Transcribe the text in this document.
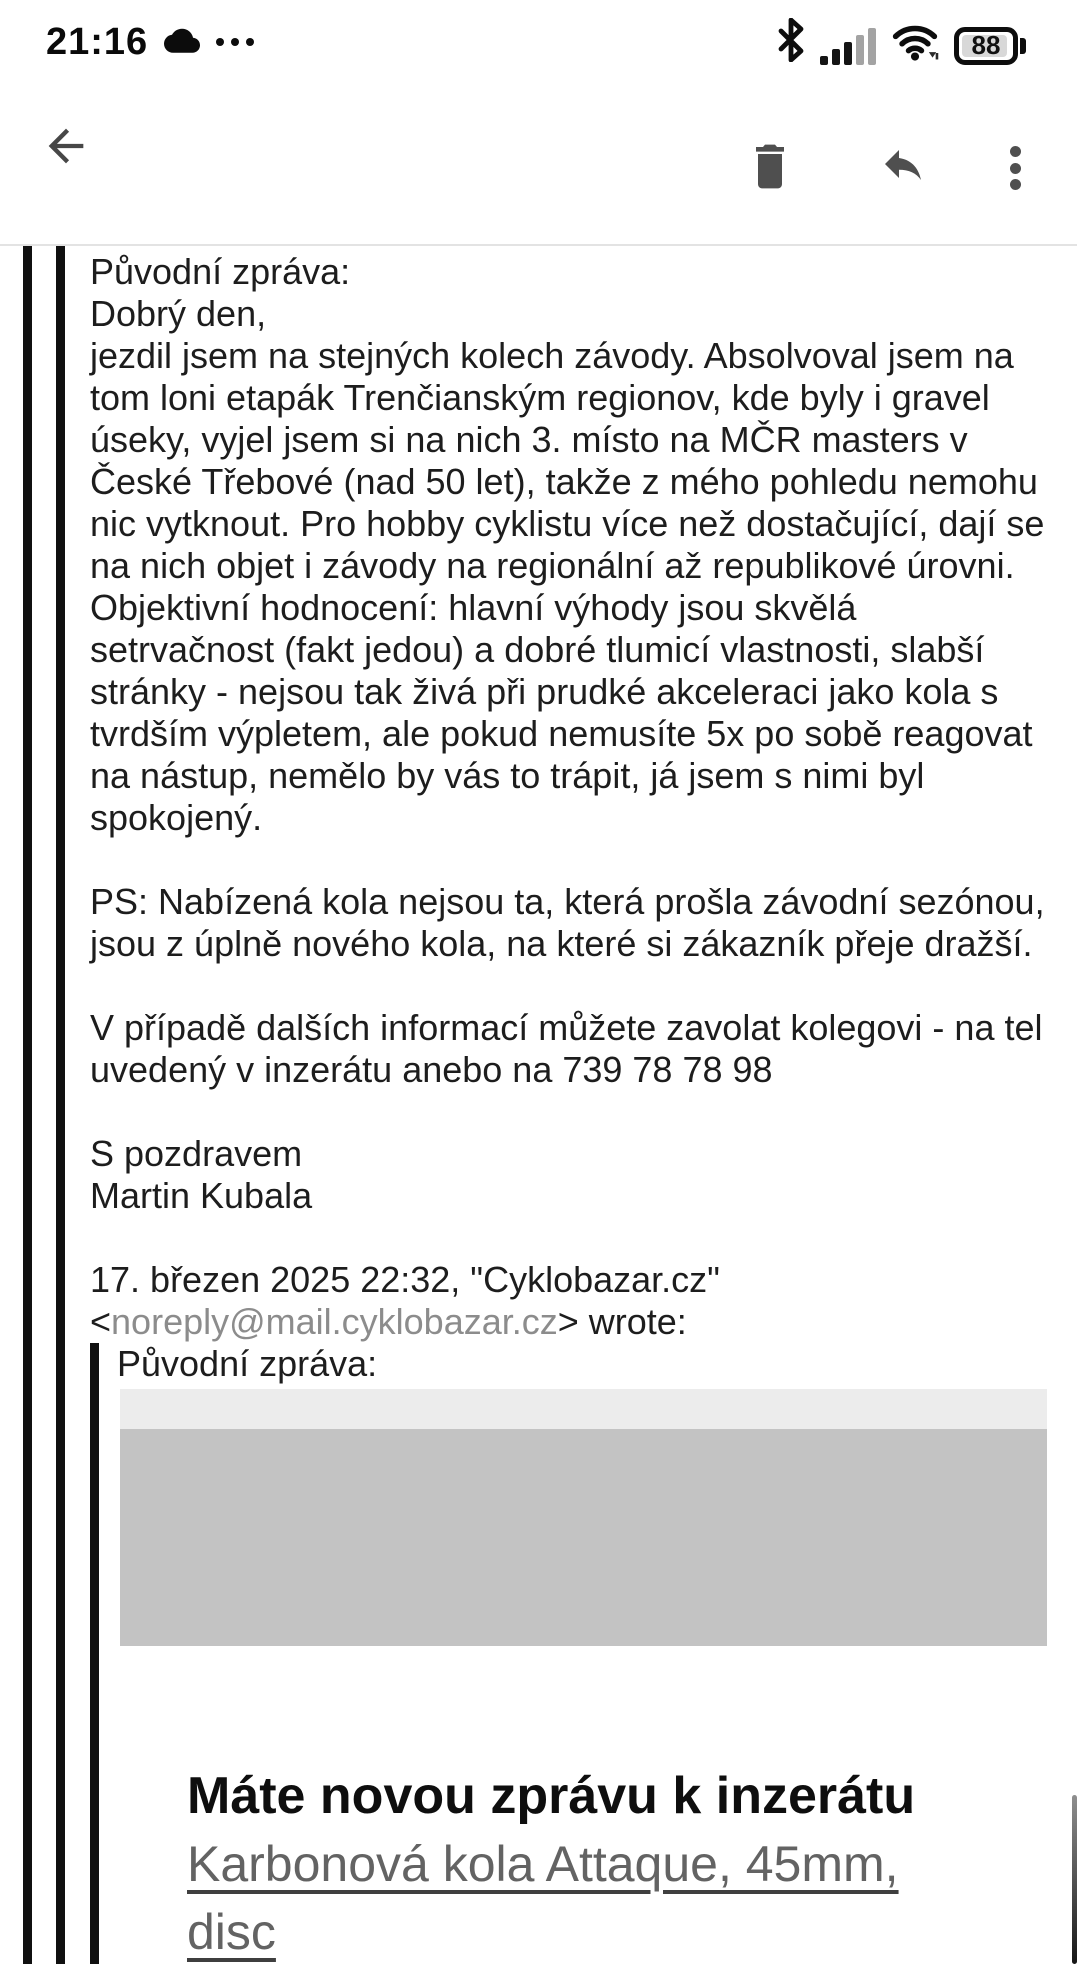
21:16	88

Původní zpráva:
Dobrý den,
jezdil jsem na stejných kolech závody. Absolvoval jsem na tom loni etapák Trenčianským regionov, kde byly i gravel úseky, vyjel jsem si na nich 3. místo na MČR masters v České Třebové (nad 50 let), takže z mého pohledu nemohu nic vytknout. Pro hobby cyklistu více než dostačující, dají se na nich objet i závody na regionální až republikové úrovni. Objektivní hodnocení: hlavní výhody jsou skvělá setrvačnost (fakt jedou) a dobré tlumicí vlastnosti, slabší stránky - nejsou tak živá při prudké akceleraci jako kola s tvrdším výpletem, ale pokud nemusíte 5x po sobě reagovat na nástup, nemělo by vás to trápit, já jsem s nimi byl spokojený.

PS: Nabízená kola nejsou ta, která prošla závodní sezónou, jsou z úplně nového kola, na které si zákazník přeje dražší.

V případě dalších informací můžete zavolat kolegovi - na tel uvedený v inzerátu anebo na 739 78 78 98

S pozdravem
Martin Kubala

17. březen 2025 22:32, "Cyklobazar.cz" <noreply@mail.cyklobazar.cz> wrote:

Původní zpráva:

Máte novou zprávu k inzerátu

Karbonová kola Attaque, 45mm,
disc
